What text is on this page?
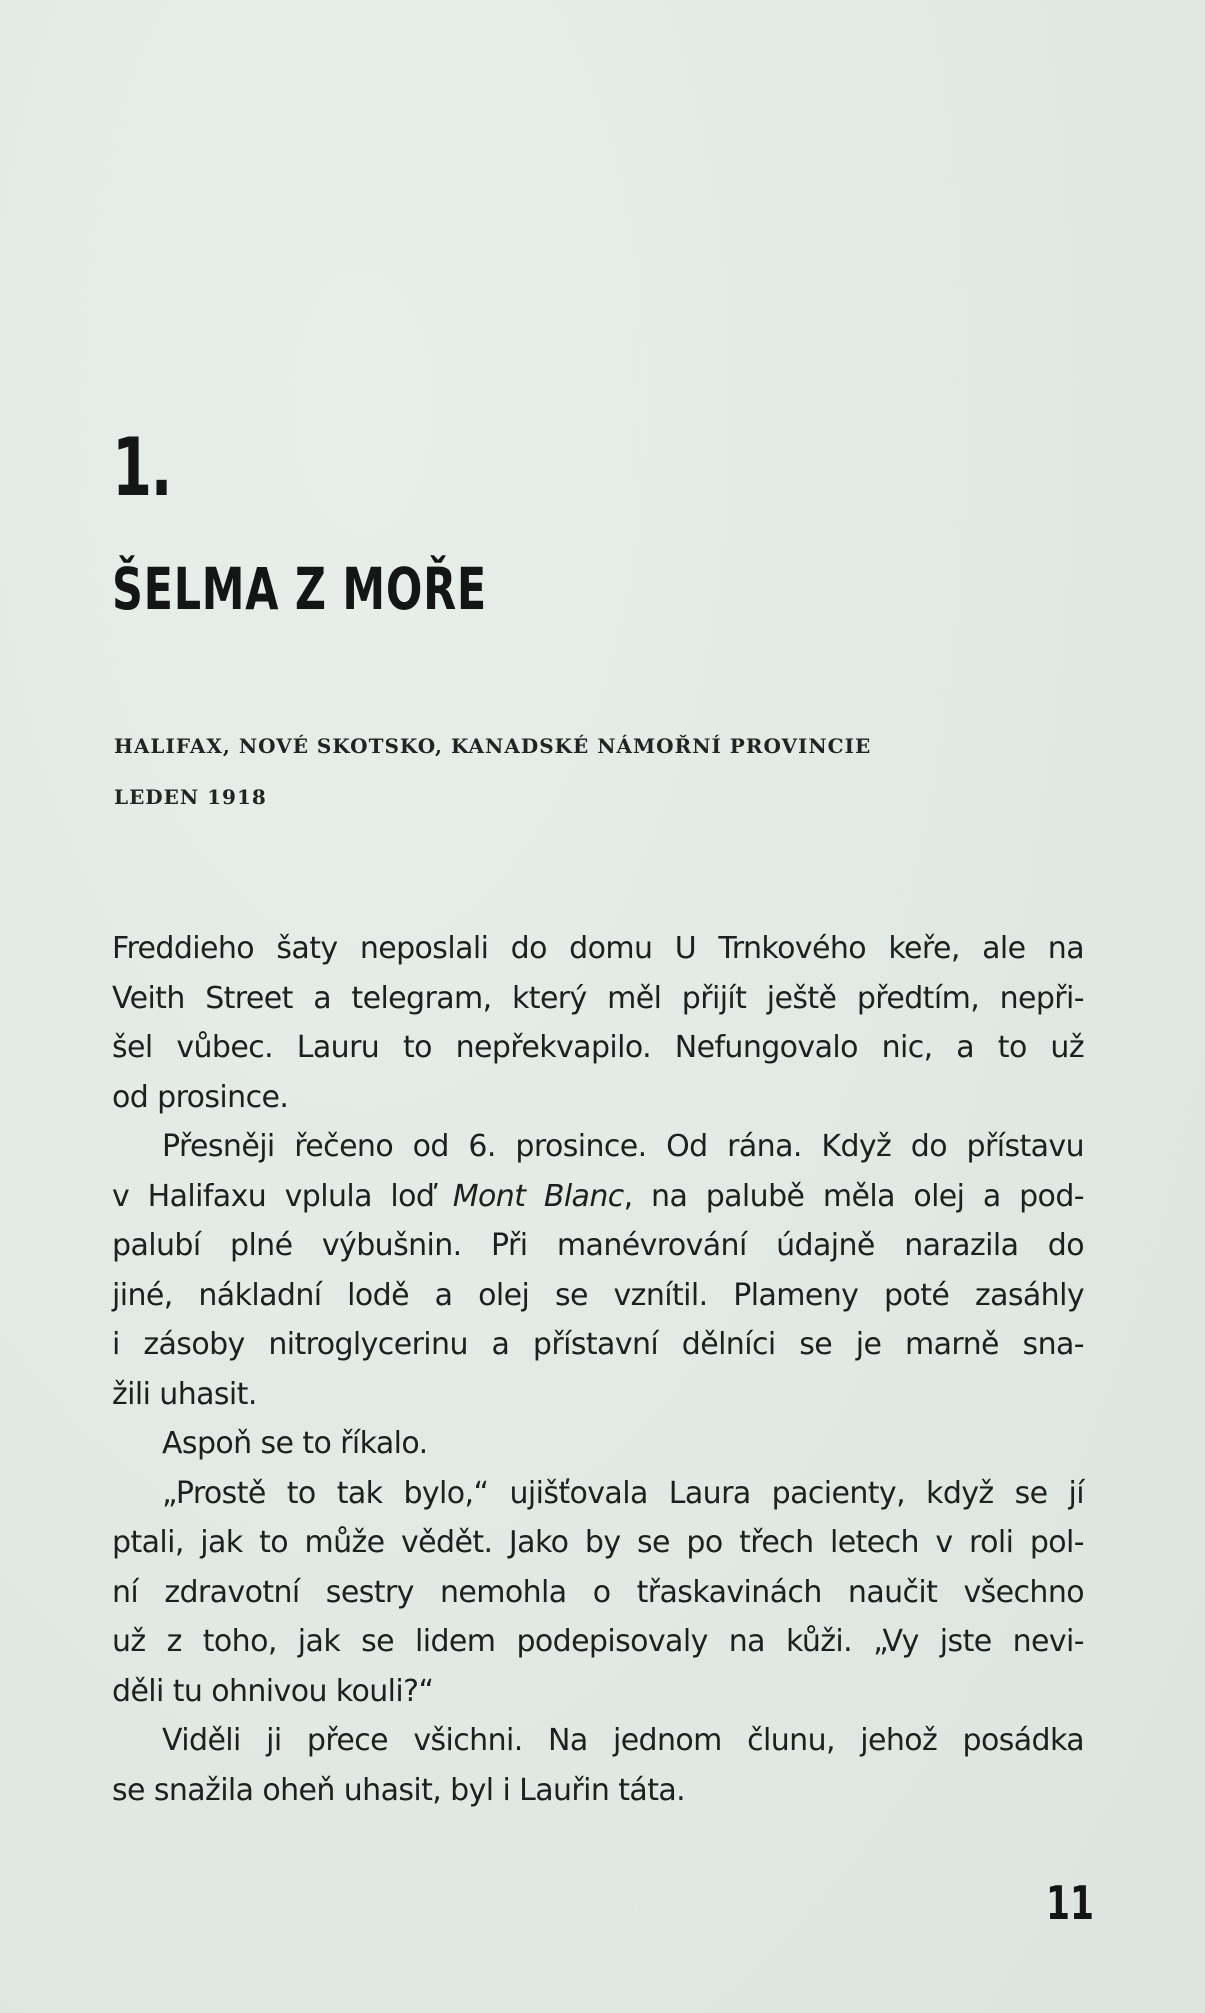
1.
ŠELMA Z MOŘE
HALIFAX, NOVÉ SKOTSKO, KANADSKÉ NÁMOŘNÍ PROVINCIE
LEDEN 1918
Freddieho šaty neposlali do domu U Trnkového keře, ale na
Veith Street a telegram, který měl přijít ještě předtím, nepři-
šel vůbec. Lauru to nepřekvapilo. Nefungovalo nic, a to už
od prosince.
Přesněji řečeno od 6. prosince. Od rána. Když do přístavu
v Halifaxu vplula loď Mont Blanc, na palubě měla olej a pod-
palubí plné výbušnin. Při manévrování údajně narazila do
jiné, nákladní lodě a olej se vznítil. Plameny poté zasáhly
i zásoby nitroglycerinu a přístavní dělníci se je marně sna-
žili uhasit.
Aspoň se to říkalo.
„Prostě to tak bylo,“ ujišťovala Laura pacienty, když se jí
ptali, jak to může vědět. Jako by se po třech letech v roli pol-
ní zdravotní sestry nemohla o třaskavinách naučit všechno
už z toho, jak se lidem podepisovaly na kůži. „Vy jste nevi-
děli tu ohnivou kouli?“
Viděli ji přece všichni. Na jednom člunu, jehož posádka
se snažila oheň uhasit, byl i Lauřin táta.
11
